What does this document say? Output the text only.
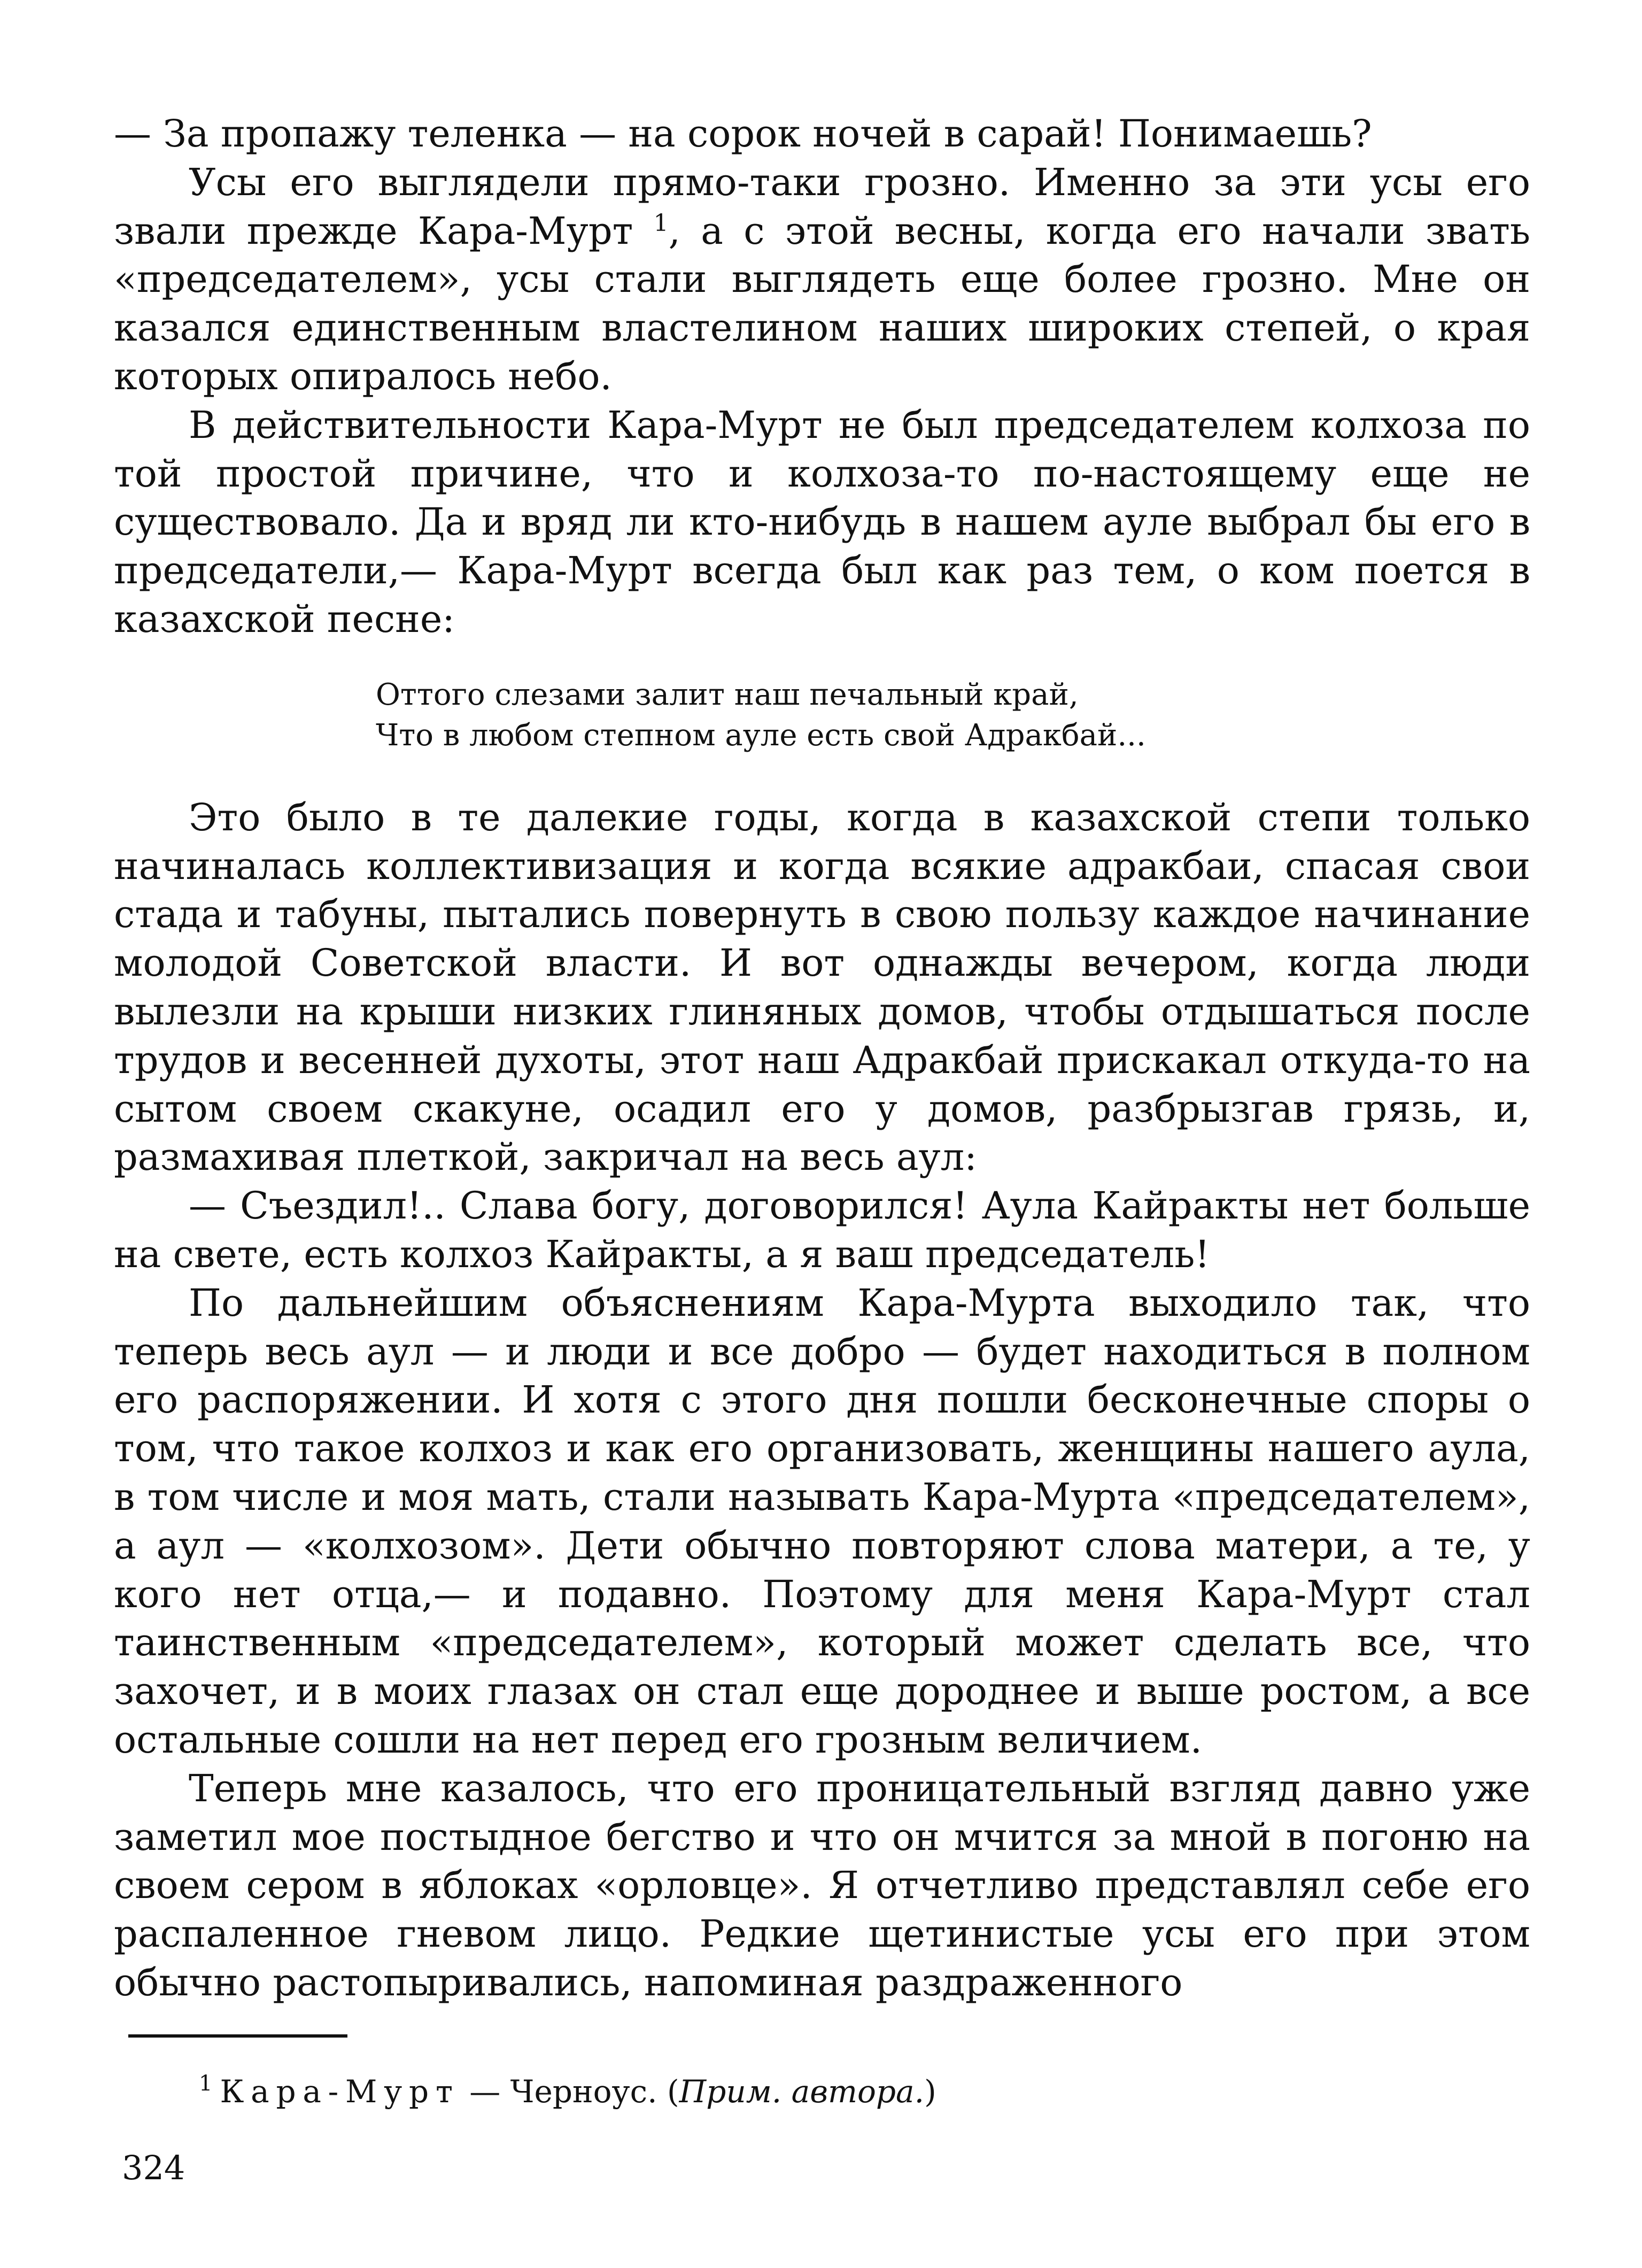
— За пропажу теленка — на сорок ночей в сарай! Понимаешь?

Усы его выглядели прямо-таки грозно. Именно за эти усы его звали прежде Кара-Мурт $^1$, а с этой весны, когда его начали звать «председателем», усы стали выглядеть еще более грозно. Мне он казался единственным властелином наших широких степей, о края которых опиралось небо.

В действительности Кара-Мурт не был председателем колхоза по той простой причине, что и колхоза-то по-настоящему еще не существовало. Да и вряд ли кто-нибудь в нашем ауле выбрал бы его в председатели,— Кара-Мурт всегда был как раз тем, о ком поется в казахской песне:

Оттого слезами залит наш печальный край,
Что в любом степном ауле есть свой Адракбай...

Это было в те далекие годы, когда в казахской степи только начиналась коллективизация и когда всякие адракбаи, спасая свои стада и табуны, пытались повернуть в свою пользу каждое начинание молодой Советской власти. И вот однажды вечером, когда люди вылезли на крыши низких глиняных домов, чтобы отдышаться после трудов и весенней духоты, этот наш Адракбай прискакал откуда-то на сытом своем скакуне, осадил его у домов, разбрызгав грязь, и, размахивая плеткой, закричал на весь аул:

— Съездил!.. Слава богу, договорился! Аула Кайракты нет больше на свете, есть колхоз Кайракты, а я ваш председатель!

По дальнейшим объяснениям Кара-Мурта выходило так, что теперь весь аул — и люди и все добро — будет находиться в полном его распоряжении. И хотя с этого дня пошли бесконечные споры о том, что такое колхоз и как его организовать, женщины нашего аула, в том числе и моя мать, стали называть Кара-Мурта «председателем», а аул — «колхозом». Дети обычно повторяют слова матери, а те, у кого нет отца,— и подавно. Поэтому для меня Кара-Мурт стал таинственным «председателем», который может сделать все, что захочет, и в моих глазах он стал еще дороднее и выше ростом, а все остальные сошли на нет перед его грозным величием.

Теперь мне казалось, что его проницательный взгляд давно уже заметил мое постыдное бегство и что он мчится за мной в погоню на своем сером в яблоках «орловце». Я отчетливо представлял себе его распаленное гневом лицо. Редкие щетинистые усы его при этом обычно растопыривались, напоминая раздраженного

$^1$ Кара-Мурт — Черноус. (Прим. автора.)
324
